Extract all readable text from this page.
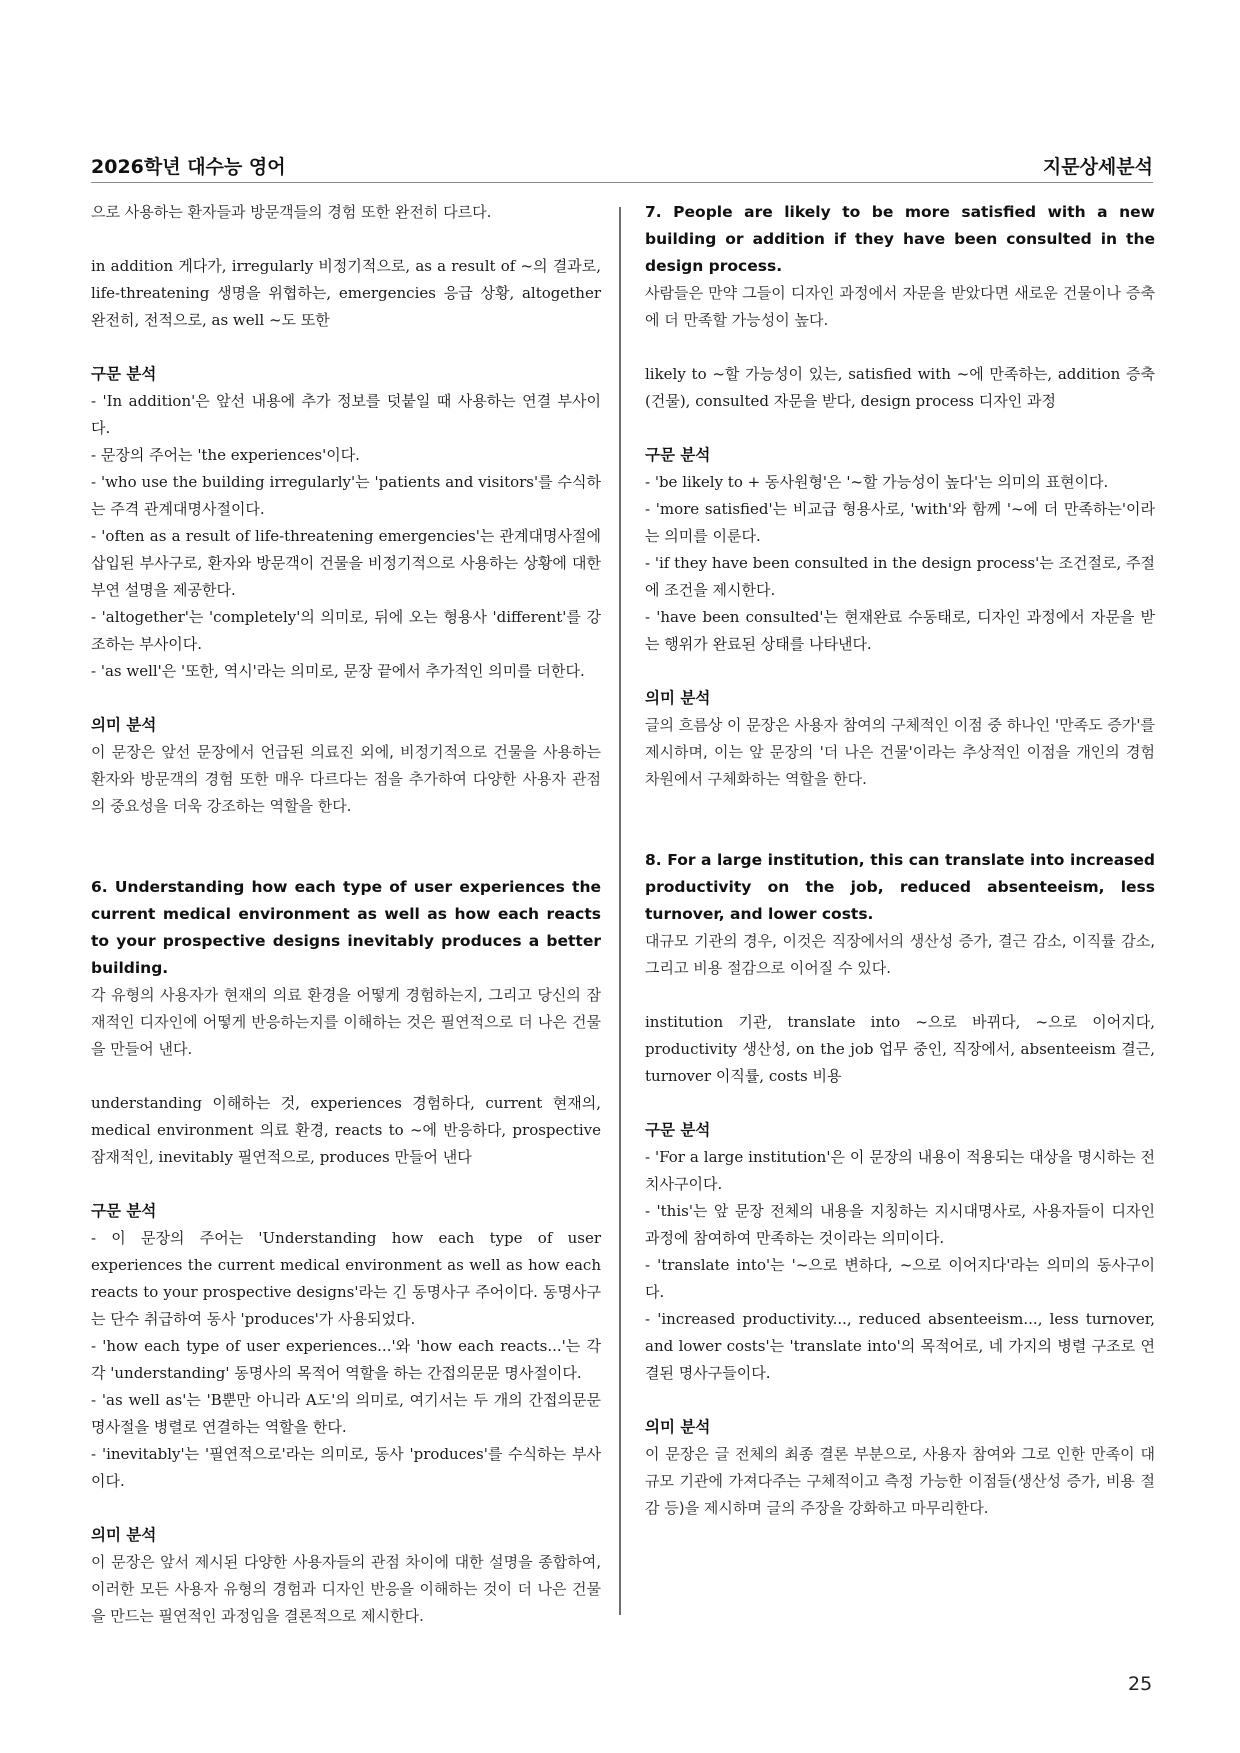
2026학년 대수능 영어	지문상세분석

으로 사용하는 환자들과 방문객들의 경험 또한 완전히 다르다.

in addition 게다가, irregularly 비정기적으로, as a result of ~의 결과로, life-threatening 생명을 위협하는, emergencies 응급 상황, altogether 완전히, 전적으로, as well ~도 또한

구문 분석

- 'In addition'은 앞선 내용에 추가 정보를 덧붙일 때 사용하는 연결 부사이다.

- 문장의 주어는 'the experiences'이다.

- 'who use the building irregularly'는 'patients and visitors'를 수식하는 주격 관계대명사절이다.

- 'often as a result of life-threatening emergencies'는 관계대명사절에 삽입된 부사구로, 환자와 방문객이 건물을 비정기적으로 사용하는 상황에 대한 부연 설명을 제공한다.

- 'altogether'는 'completely'의 의미로, 뒤에 오는 형용사 'different'를 강조하는 부사이다.

- 'as well'은 '또한, 역시'라는 의미로, 문장 끝에서 추가적인 의미를 더한다.

의미 분석

이 문장은 앞선 문장에서 언급된 의료진 외에, 비정기적으로 건물을 사용하는 환자와 방문객의 경험 또한 매우 다르다는 점을 추가하여 다양한 사용자 관점의 중요성을 더욱 강조하는 역할을 한다.

6. Understanding how each type of user experiences the current medical environment as well as how each reacts to your prospective designs inevitably produces a better building.

각 유형의 사용자가 현재의 의료 환경을 어떻게 경험하는지, 그리고 당신의 잠재적인 디자인에 어떻게 반응하는지를 이해하는 것은 필연적으로 더 나은 건물을 만들어 낸다.

understanding 이해하는 것, experiences 경험하다, current 현재의, medical environment 의료 환경, reacts to ~에 반응하다, prospective 잠재적인, inevitably 필연적으로, produces 만들어 낸다

구문 분석

- 이 문장의 주어는 'Understanding how each type of user experiences the current medical environment as well as how each reacts to your prospective designs'라는 긴 동명사구 주어이다. 동명사구는 단수 취급하여 동사 'produces'가 사용되었다.

- 'how each type of user experiences...'와 'how each reacts...'는 각각 'understanding' 동명사의 목적어 역할을 하는 간접의문문 명사절이다.

- 'as well as'는 'B뿐만 아니라 A도'의 의미로, 여기서는 두 개의 간접의문문 명사절을 병렬로 연결하는 역할을 한다.

- 'inevitably'는 '필연적으로'라는 의미로, 동사 'produces'를 수식하는 부사이다.

의미 분석

이 문장은 앞서 제시된 다양한 사용자들의 관점 차이에 대한 설명을 종합하여, 이러한 모든 사용자 유형의 경험과 디자인 반응을 이해하는 것이 더 나은 건물을 만드는 필연적인 과정임을 결론적으로 제시한다.

7. People are likely to be more satisfied with a new building or addition if they have been consulted in the design process.

사람들은 만약 그들이 디자인 과정에서 자문을 받았다면 새로운 건물이나 증축에 더 만족할 가능성이 높다.

likely to ~할 가능성이 있는, satisfied with ~에 만족하는, addition 증축 (건물), consulted 자문을 받다, design process 디자인 과정

구문 분석

- 'be likely to + 동사원형'은 '~할 가능성이 높다'는 의미의 표현이다.

- 'more satisfied'는 비교급 형용사로, 'with'와 함께 '~에 더 만족하는'이라는 의미를 이룬다.

- 'if they have been consulted in the design process'는 조건절로, 주절에 조건을 제시한다.

- 'have been consulted'는 현재완료 수동태로, 디자인 과정에서 자문을 받는 행위가 완료된 상태를 나타낸다.

의미 분석

글의 흐름상 이 문장은 사용자 참여의 구체적인 이점 중 하나인 '만족도 증가'를 제시하며, 이는 앞 문장의 '더 나은 건물'이라는 추상적인 이점을 개인의 경험 차원에서 구체화하는 역할을 한다.

8. For a large institution, this can translate into increased productivity on the job, reduced absenteeism, less turnover, and lower costs.

대규모 기관의 경우, 이것은 직장에서의 생산성 증가, 결근 감소, 이직률 감소, 그리고 비용 절감으로 이어질 수 있다.

institution 기관, translate into ~으로 바뀌다, ~으로 이어지다, productivity 생산성, on the job 업무 중인, 직장에서, absenteeism 결근, turnover 이직률, costs 비용

구문 분석

- 'For a large institution'은 이 문장의 내용이 적용되는 대상을 명시하는 전치사구이다.

- 'this'는 앞 문장 전체의 내용을 지칭하는 지시대명사로, 사용자들이 디자인 과정에 참여하여 만족하는 것이라는 의미이다.

- 'translate into'는 '~으로 변하다, ~으로 이어지다'라는 의미의 동사구이다.

- 'increased productivity..., reduced absenteeism..., less turnover, and lower costs'는 'translate into'의 목적어로, 네 가지의 병렬 구조로 연결된 명사구들이다.

의미 분석

이 문장은 글 전체의 최종 결론 부분으로, 사용자 참여와 그로 인한 만족이 대규모 기관에 가져다주는 구체적이고 측정 가능한 이점들(생산성 증가, 비용 절감 등)을 제시하며 글의 주장을 강화하고 마무리한다.

25
